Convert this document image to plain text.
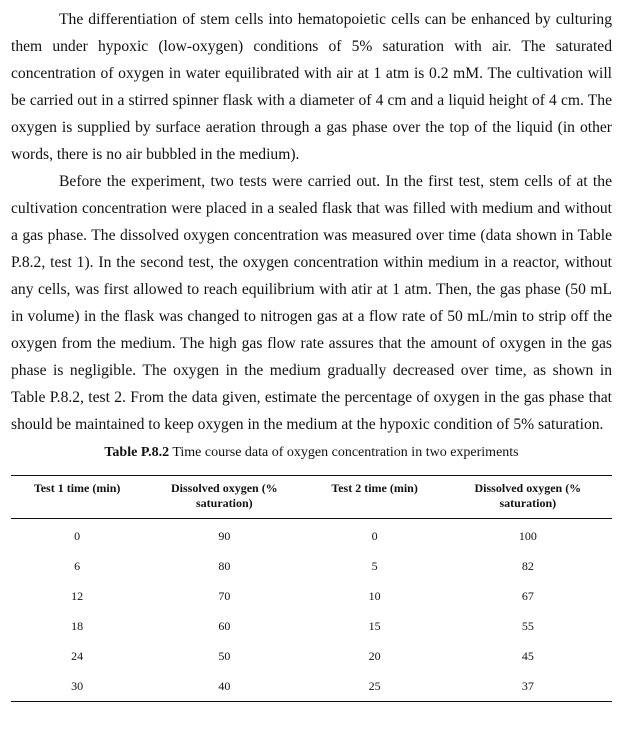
The differentiation of stem cells into hematopoietic cells can be enhanced by culturing them under hypoxic (low-oxygen) conditions of 5% saturation with air. The saturated concentration of oxygen in water equilibrated with air at 1 atm is 0.2 mM. The cultivation will be carried out in a stirred spinner flask with a diameter of 4 cm and a liquid height of 4 cm. The oxygen is supplied by surface aeration through a gas phase over the top of the liquid (in other words, there is no air bubbled in the medium).

Before the experiment, two tests were carried out. In the first test, stem cells of at the cultivation concentration were placed in a sealed flask that was filled with medium and without a gas phase. The dissolved oxygen concentration was measured over time (data shown in Table P.8.2, test 1). In the second test, the oxygen concentration within medium in a reactor, without any cells, was first allowed to reach equilibrium with atir at 1 atm. Then, the gas phase (50 mL in volume) in the flask was changed to nitrogen gas at a flow rate of 50 mL/min to strip off the oxygen from the medium. The high gas flow rate assures that the amount of oxygen in the gas phase is negligible. The oxygen in the medium gradually decreased over time, as shown in Table P.8.2, test 2. From the data given, estimate the percentage of oxygen in the gas phase that should be maintained to keep oxygen in the medium at the hypoxic condition of 5% saturation.

Table P.8.2 Time course data of oxygen concentration in two experiments

Test 1 time (min)	Dissolved oxygen (% saturation)	Test 2 time (min)	Dissolved oxygen (% saturation)
0	90	0	100
6	80	5	82
12	70	10	67
18	60	15	55
24	50	20	45
30	40	25	37
